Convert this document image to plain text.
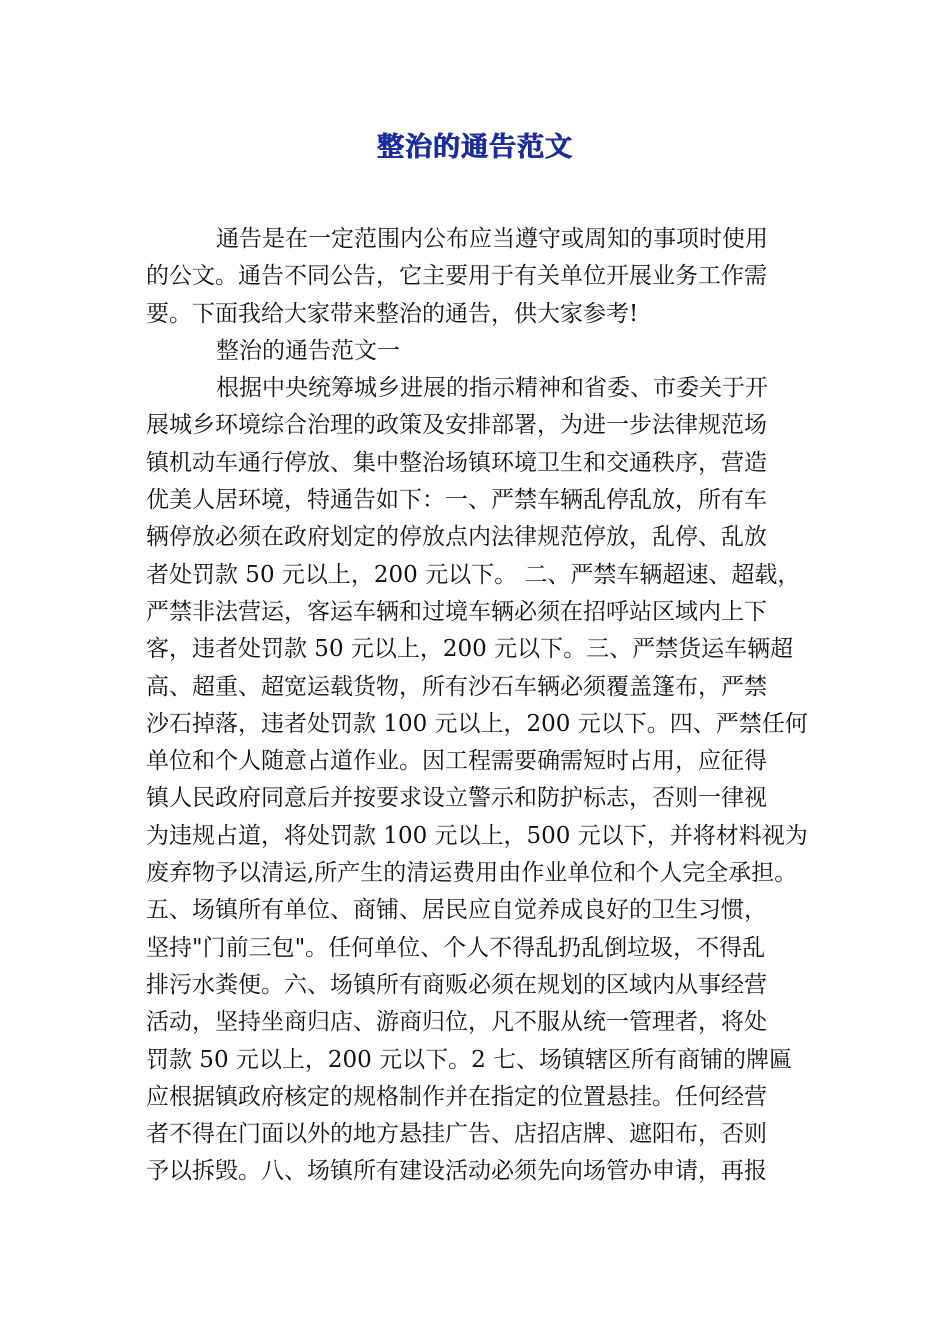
整治的通告范文
通告是在一定范围内公布应当遵守或周知的事项时使用
的公文。通告不同公告，它主要用于有关单位开展业务工作需
要。下面我给大家带来整治的通告，供大家参考!
整治的通告范文一
根据中央统筹城乡进展的指示精神和省委、市委关于开
展城乡环境综合治理的政策及安排部署，为进一步法律规范场
镇机动车通行停放、集中整治场镇环境卫生和交通秩序，营造
优美人居环境，特通告如下：一、严禁车辆乱停乱放，所有车
辆停放必须在政府划定的停放点内法律规范停放，乱停、乱放
者处罚款 50 元以上，200 元以下。 二、严禁车辆超速、超载，
严禁非法营运，客运车辆和过境车辆必须在招呼站区域内上下
客，违者处罚款 50 元以上，200 元以下。三、严禁货运车辆超
高、超重、超宽运载货物，所有沙石车辆必须覆盖篷布，严禁
沙石掉落，违者处罚款 100 元以上，200 元以下。四、严禁任何
单位和个人随意占道作业。因工程需要确需短时占用，应征得
镇人民政府同意后并按要求设立警示和防护标志，否则一律视
为违规占道，将处罚款 100 元以上，500 元以下，并将材料视为
废弃物予以清运,所产生的清运费用由作业单位和个人完全承担。
五、场镇所有单位、商铺、居民应自觉养成良好的卫生习惯，
坚持"门前三包"。任何单位、个人不得乱扔乱倒垃圾，不得乱
排污水粪便。六、场镇所有商贩必须在规划的区域内从事经营
活动，坚持坐商归店、游商归位，凡不服从统一管理者，将处
罚款 50 元以上，200 元以下。2 七、场镇辖区所有商铺的牌匾
应根据镇政府核定的规格制作并在指定的位置悬挂。任何经营
者不得在门面以外的地方悬挂广告、店招店牌、遮阳布，否则
予以拆毁。八、场镇所有建设活动必须先向场管办申请，再报
